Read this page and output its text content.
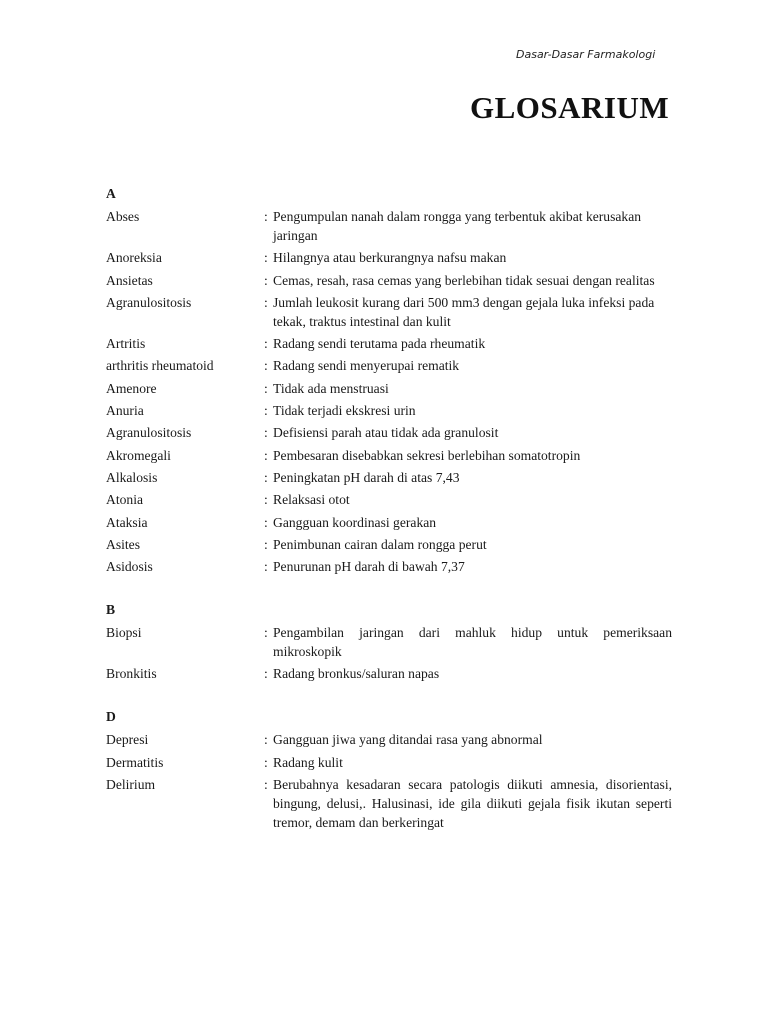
Dasar-Dasar Farmakologi
GLOSARIUM
A
Abses	: Pengumpulan nanah dalam rongga yang terbentuk akibat kerusakan jaringan
Anoreksia	: Hilangnya atau berkurangnya nafsu makan
Ansietas	: Cemas, resah, rasa cemas yang berlebihan tidak sesuai dengan realitas
Agranulositosis	: Jumlah leukosit kurang dari 500 mm3 dengan gejala luka infeksi pada tekak, traktus intestinal dan kulit
Artritis	: Radang sendi terutama pada rheumatik
arthritis rheumatoid	: Radang sendi menyerupai rematik
Amenore	: Tidak ada menstruasi
Anuria	: Tidak terjadi ekskresi urin
Agranulositosis	: Defisiensi parah atau tidak ada granulosit
Akromegali	: Pembesaran disebabkan sekresi berlebihan somatotropin
Alkalosis	: Peningkatan pH darah di atas 7,43
Atonia	: Relaksasi otot
Ataksia	: Gangguan koordinasi gerakan
Asites	: Penimbunan cairan dalam rongga perut
Asidosis	: Penurunan pH darah di bawah 7,37
B
Biopsi	: Pengambilan jaringan dari mahluk hidup untuk pemeriksaan mikroskopik
Bronkitis	: Radang bronkus/saluran napas
D
Depresi	: Gangguan jiwa yang ditandai rasa yang abnormal
Dermatitis	: Radang kulit
Delirium	: Berubahnya kesadaran secara patologis diikuti amnesia, disorientasi, bingung, delusi,. Halusinasi, ide gila diikuti gejala fisik ikutan seperti tremor, demam dan berkeringat
